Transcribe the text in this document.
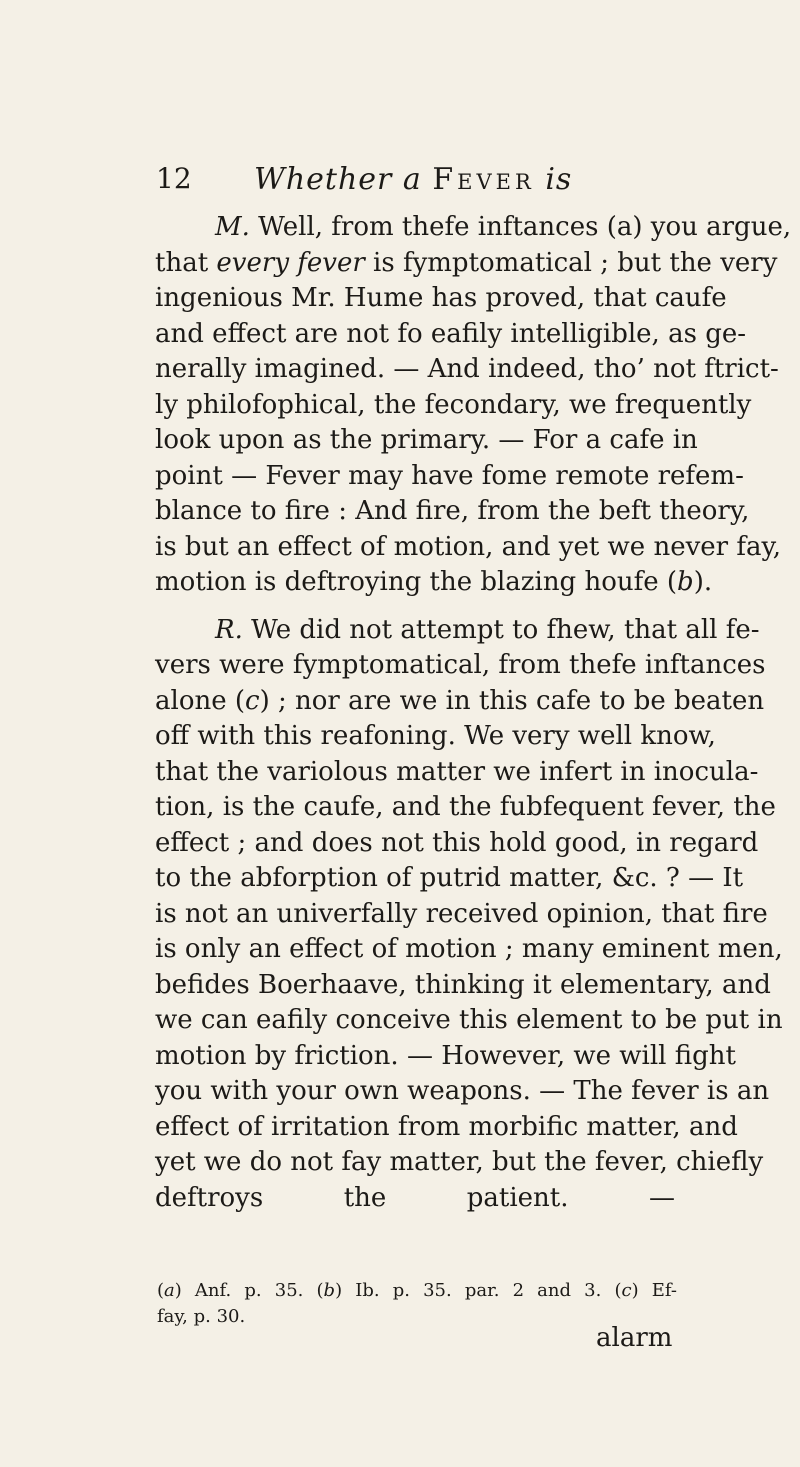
12 Whether a Fever is
M. Well, from thefe inftances (a) you argue,
that every fever is fymptomatical ; but the very
ingenious Mr. Hume has proved, that caufe
and effect are not fo eafily intelligible, as ge-
nerally imagined. — And indeed, tho’ not ftrict-
ly philofophical, the fecondary, we frequently
look upon as the primary. — For a cafe in
point — Fever may have fome remote refem-
blance to fire : And fire, from the beft theory,
is but an effect of motion, and yet we never fay,
motion is deftroying the blazing houfe (b).
R. We did not attempt to fhew, that all fe-
vers were fymptomatical, from thefe inftances
alone (c) ; nor are we in this cafe to be beaten
off with this reafoning. We very well know,
that the variolous matter we infert in inocula-
tion, is the caufe, and the fubfequent fever, the
effect ; and does not this hold good, in regard
to the abforption of putrid matter, &c. ? — It
is not an univerfally received opinion, that fire
is only an effect of motion ; many eminent men,
befides Boerhaave, thinking it elementary, and
we can eafily conceive this element to be put in
motion by friction. — However, we will fight
you with your own weapons. — The fever is an
effect of irritation from morbific matter, and
yet we do not fay matter, but the fever, chiefly
deftroys the patient. —
(a) Anf. p. 35. (b) Ib. p. 35. par. 2 and 3. (c) Ef-
fay, p. 30.
alarm
